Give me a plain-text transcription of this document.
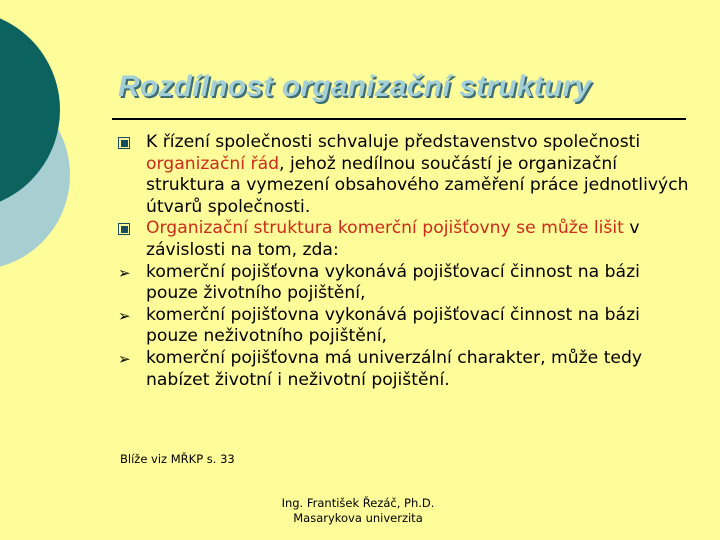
Rozdílnost organizační struktury
K řízení společnosti schvaluje představenstvo společnosti organizační řád, jehož nedílnou součástí je organizační struktura a vymezení obsahového zaměření práce jednotlivých útvarů společnosti.
Organizační struktura komerční pojišťovny se může lišit v závislosti na tom, zda:
➢ komerční pojišťovna vykonává pojišťovací činnost na bázi pouze životního pojištění,
➢ komerční pojišťovna vykonává pojišťovací činnost na bázi pouze neživotního pojištění,
➢ komerční pojišťovna má univerzální charakter, může tedy nabízet životní i neživotní pojištění.
Blíže viz MŘKP s. 33
Ing. František Řezáč, Ph.D.
Masarykova univerzita
